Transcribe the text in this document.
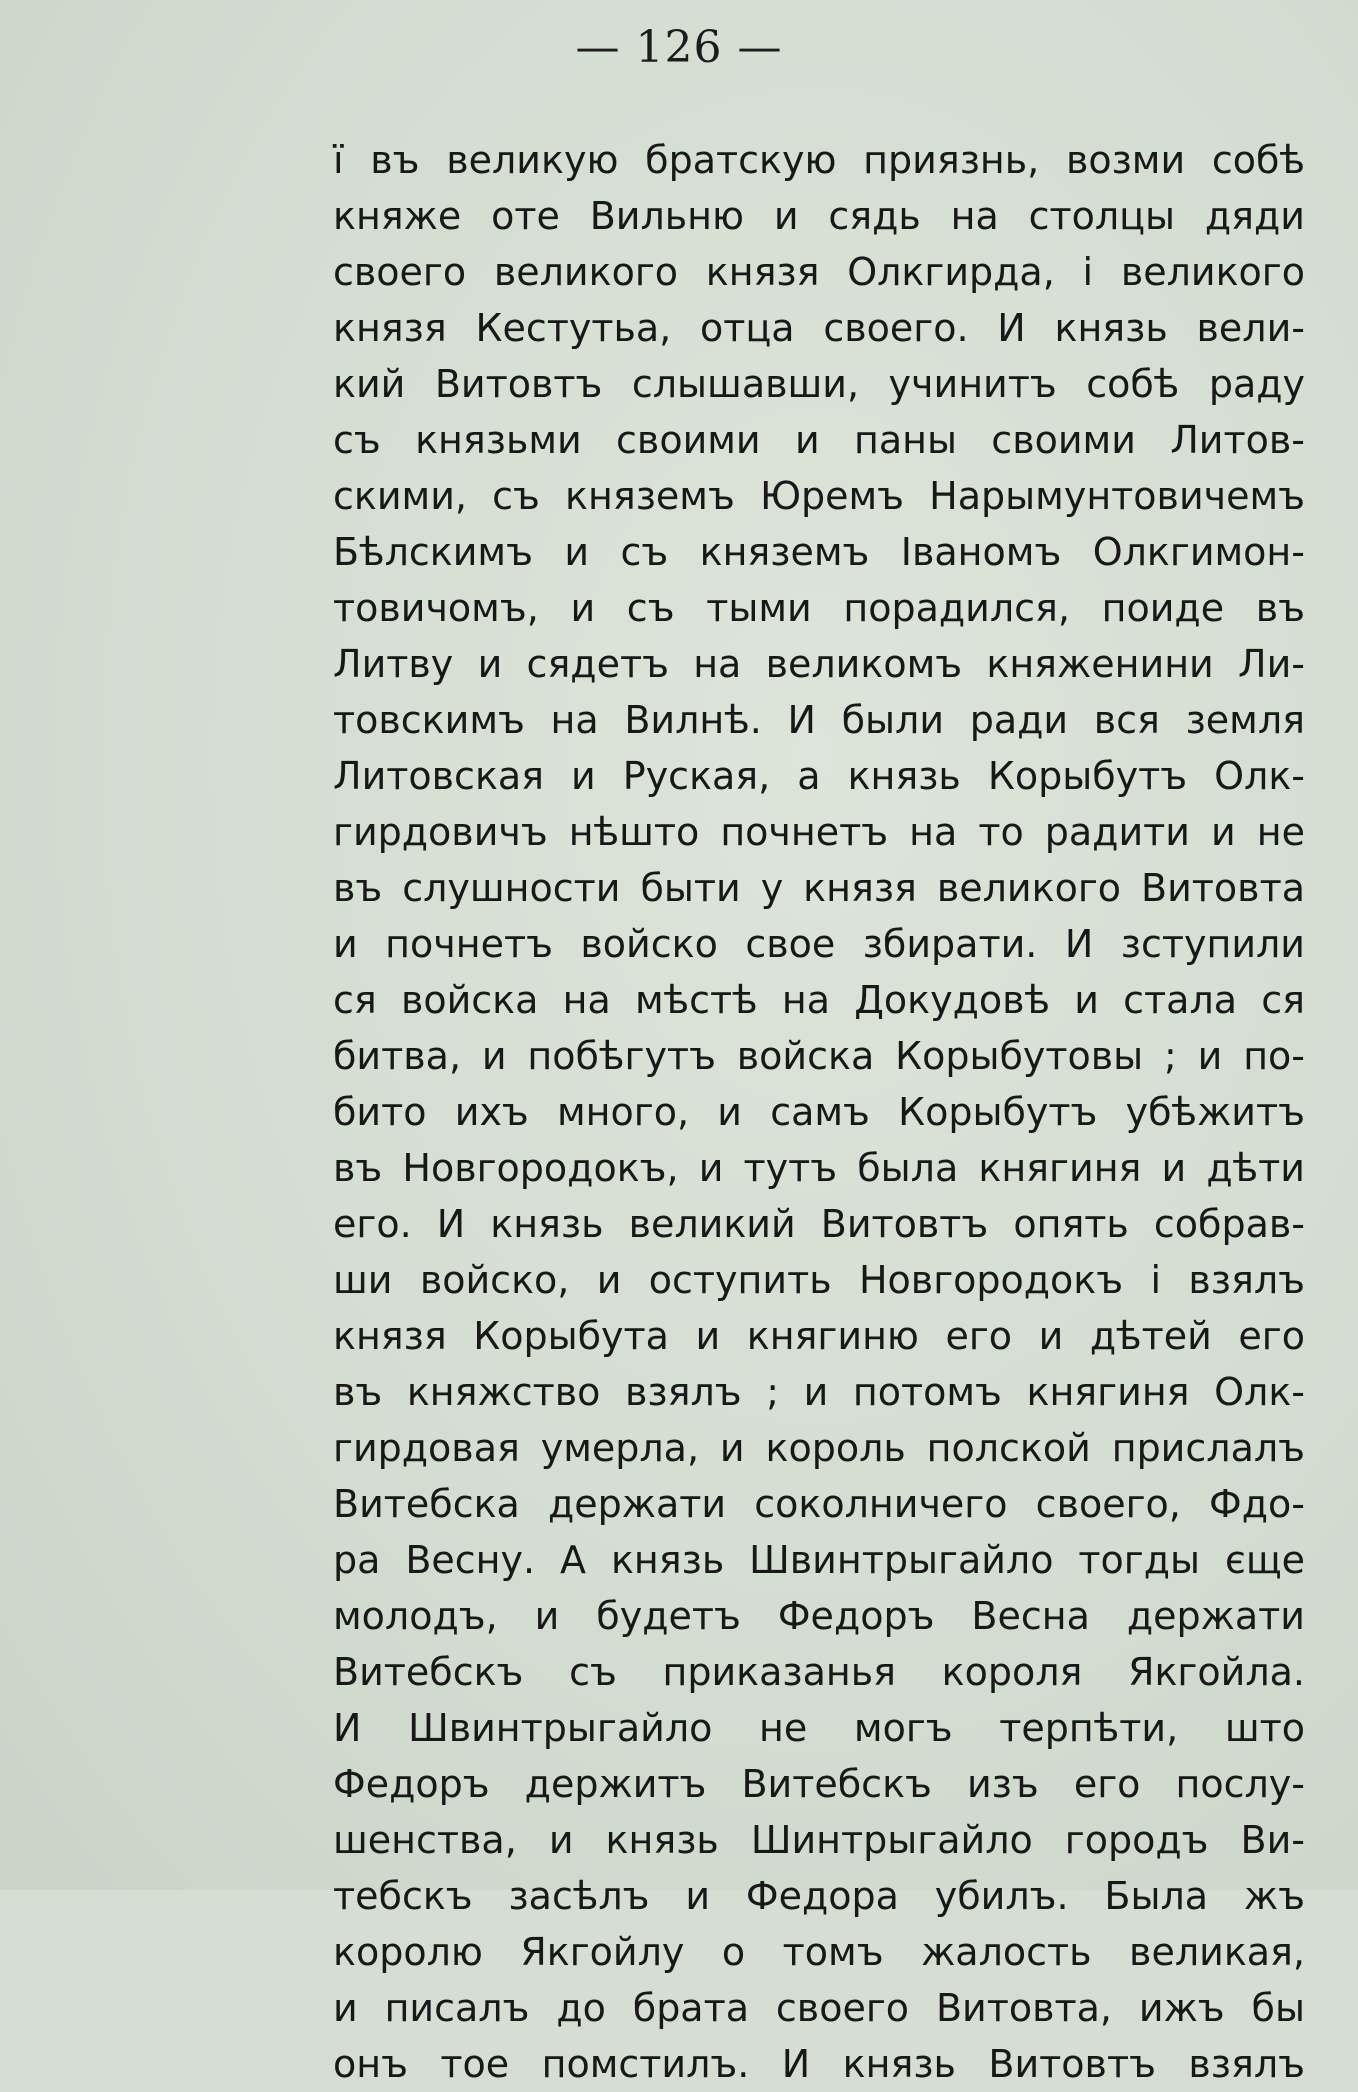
— 126 —
ї въ великую братскую приязнь, возми собѣ
княже оте Вильню и сядь на столцы дяди
своего великого князя Олкгирда, і великого
князя Кестутьа, отца своего. И князь вели-
кий Витовтъ слышавши, учинитъ собѣ раду
съ князьми своими и паны своими Литов-
скими, съ княземъ Юремъ Нарымунтовичемъ
Бѣлскимъ и съ княземъ Іваномъ Олкгимон-
товичомъ, и съ тыми порадился, поиде въ
Литву и сядетъ на великомъ княженини Ли-
товскимъ на Вилнѣ. И были ради вся земля
Литовская и Руская, а князь Корыбутъ Олк-
гирдовичъ нѣшто почнетъ на то радити и не
въ слушности быти у князя великого Витовта
и почнетъ войско свое збирати. И зступили
ся войска на мѣстѣ на Докудовѣ и стала ся
битва, и побѣгутъ войска Корыбутовы ; и по-
бито ихъ много, и самъ Корыбутъ убѣжитъ
въ Новгородокъ, и тутъ была княгиня и дѣти
его. И князь великий Витовтъ опять собрав-
ши войско, и оступить Новгородокъ і взялъ
князя Корыбута и княгиню его и дѣтей его
въ княжство взялъ ; и потомъ княгиня Олк-
гирдовая умерла, и король полской прислалъ
Витебска держати соколничего своего, Фдо-
ра Весну. А князь Швинтрыгайло тогды єще
молодъ, и будетъ Федоръ Весна держати
Витебскъ съ приказанья короля Якгойла.
И Швинтрыгайло не могъ терпѣти, што
Федоръ держитъ Витебскъ изъ его послу-
шенства, и князь Шинтрыгайло городъ Ви-
тебскъ засѣлъ и Федора убилъ. Была жъ
королю Якгойлу о томъ жалость великая,
и писалъ до брата своего Витовта, ижъ бы
онъ тое помстилъ. И князь Витовтъ взялъ
